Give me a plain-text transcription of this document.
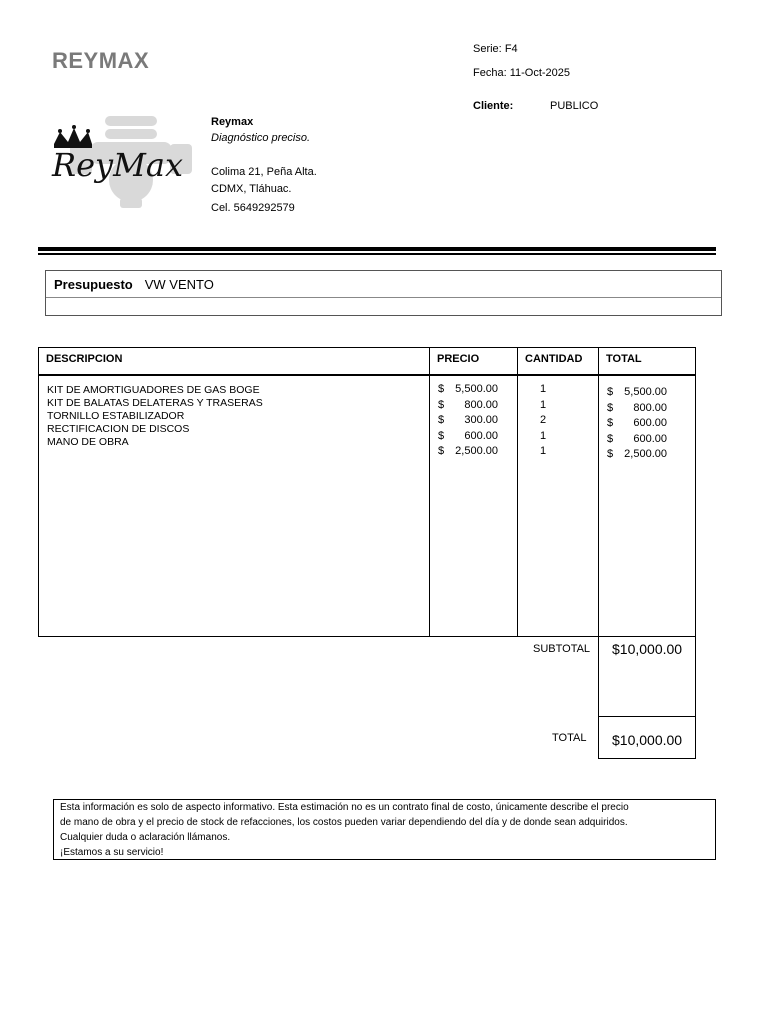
REYMAX	Serie: F4
Fecha: 11-Oct-2025
Cliente:	PUBLICO
ReyMax
Reymax
Diagnóstico preciso.
Colima 21, Peña Alta.
CDMX, Tláhuac.
Cel. 5649292579
Presupuesto VW VENTO
DESCRIPCION
KIT DE AMORTIGUADORES DE GAS BOGE
KIT DE BALATAS DELATERAS Y TRASERAS
TORNILLO ESTABILIZADOR
RECTIFICACION DE DISCOS
MANO DE OBRA
PRECIO
$ 5,500.00
$ 800.00
$ 300.00
$ 600.00
$ 2,500.00
CANTIDAD
1
1
2
1
1
TOTAL
$ 5,500.00
$ 800.00
$ 600.00
$ 600.00
$ 2,500.00
$10,000.00
SUBTOTAL
$10,000.00
TOTAL
Esta información es solo de aspecto informativo. Esta estimación no es un contrato final de costo, únicamente describe el precio
de mano de obra y el precio de stock de refacciones, los costos pueden variar dependiendo del día y de donde sean adquiridos.
Cualquier duda o aclaración llámanos.
¡Estamos a su servicio!
